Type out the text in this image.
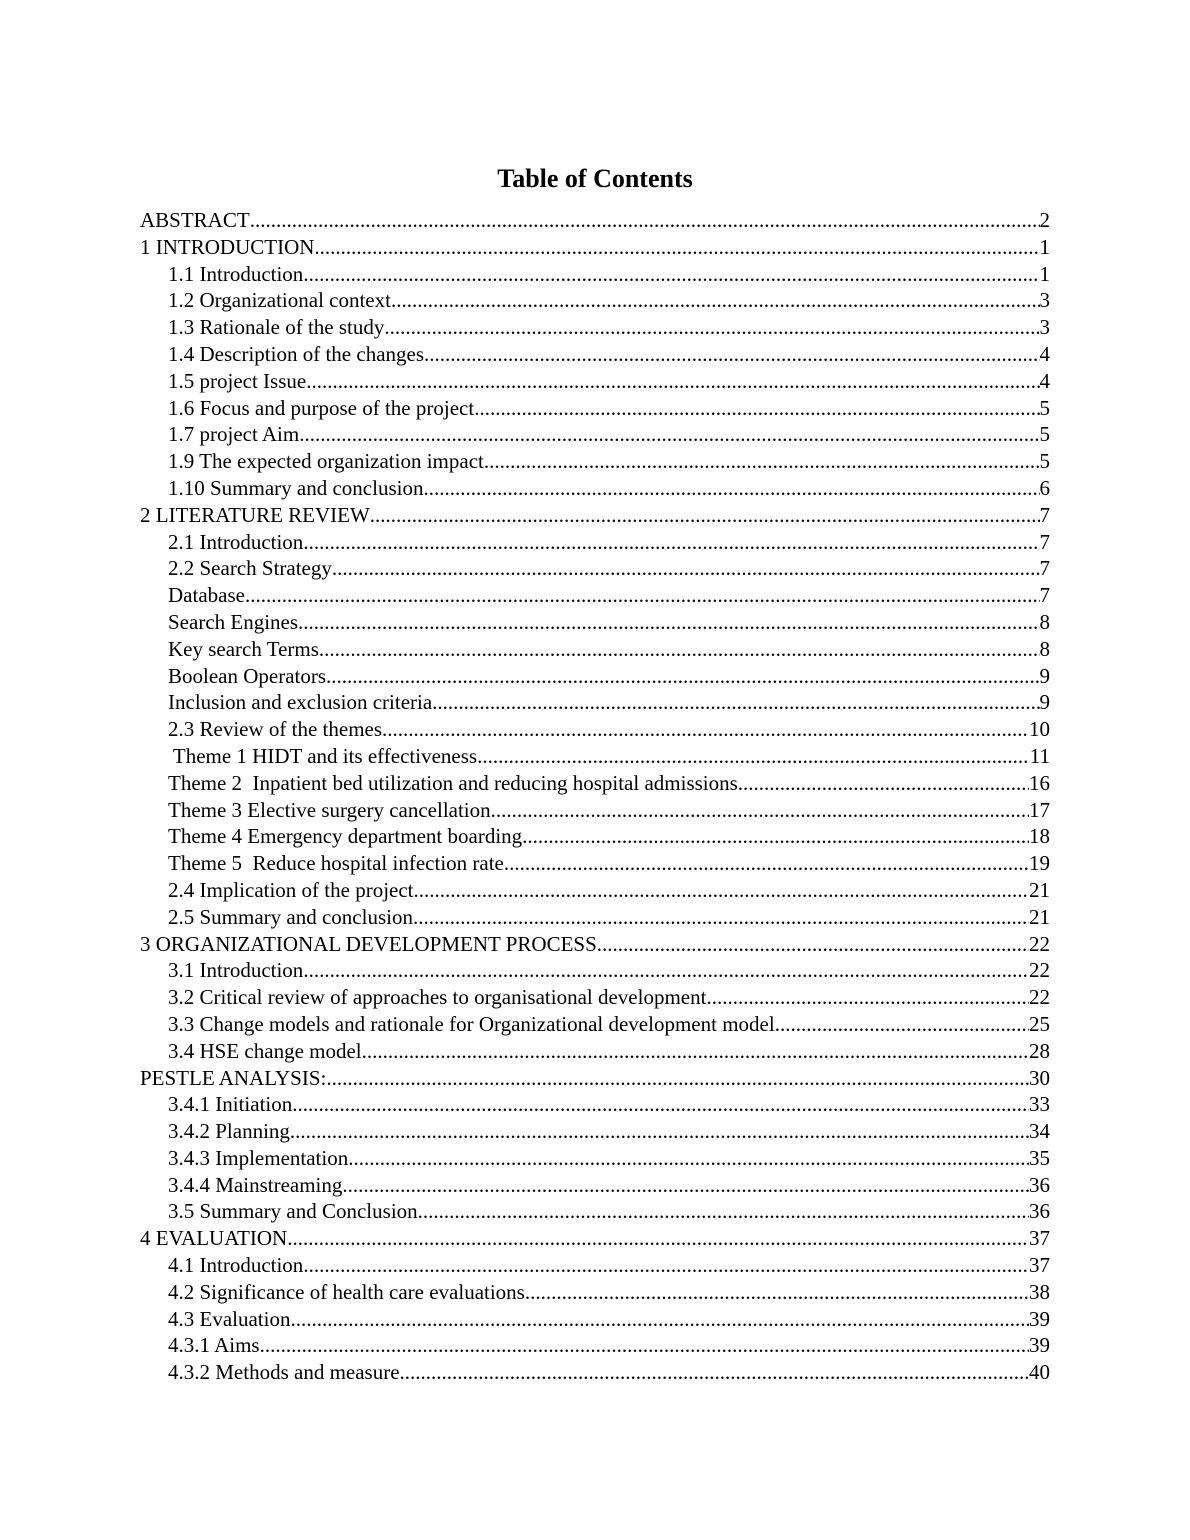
Table of Contents
ABSTRACT .....	2
1 INTRODUCTION .....	1
1.1 Introduction .....	1
1.2 Organizational context .....	3
1.3 Rationale of the study .....	3
1.4 Description of the changes .....	4
1.5 project Issue .....	4
1.6 Focus and purpose of the project .....	5
1.7 project Aim .....	5
1.9 The expected organization impact .....	5
1.10 Summary and conclusion .....	6
2 LITERATURE REVIEW .....	7
2.1 Introduction .....	7
2.2 Search Strategy .....	7
Database .....	7
Search Engines .....	8
Key search Terms .....	8
Boolean Operators .....	9
Inclusion and exclusion criteria .....	9
2.3 Review of the themes .....	10
Theme 1 HIDT and its effectiveness .....	11
Theme 2  Inpatient bed utilization and reducing hospital admissions .....	16
Theme 3 Elective surgery cancellation .....	17
Theme 4 Emergency department boarding .....	18
Theme 5  Reduce hospital infection rate .....	19
2.4 Implication of the project .....	21
2.5 Summary and conclusion .....	21
3 ORGANIZATIONAL DEVELOPMENT PROCESS .....	22
3.1 Introduction .....	22
3.2 Critical review of approaches to organisational development .....	22
3.3 Change models and rationale for Organizational development model .....	25
3.4 HSE change model .....	28
PESTLE ANALYSIS: .....	30
3.4.1 Initiation .....	33
3.4.2 Planning .....	34
3.4.3 Implementation .....	35
3.4.4 Mainstreaming .....	36
3.5 Summary and Conclusion .....	36
4 EVALUATION .....	37
4.1 Introduction .....	37
4.2 Significance of health care evaluations .....	38
4.3 Evaluation .....	39
4.3.1 Aims .....	39
4.3.2 Methods and measure .....	40
